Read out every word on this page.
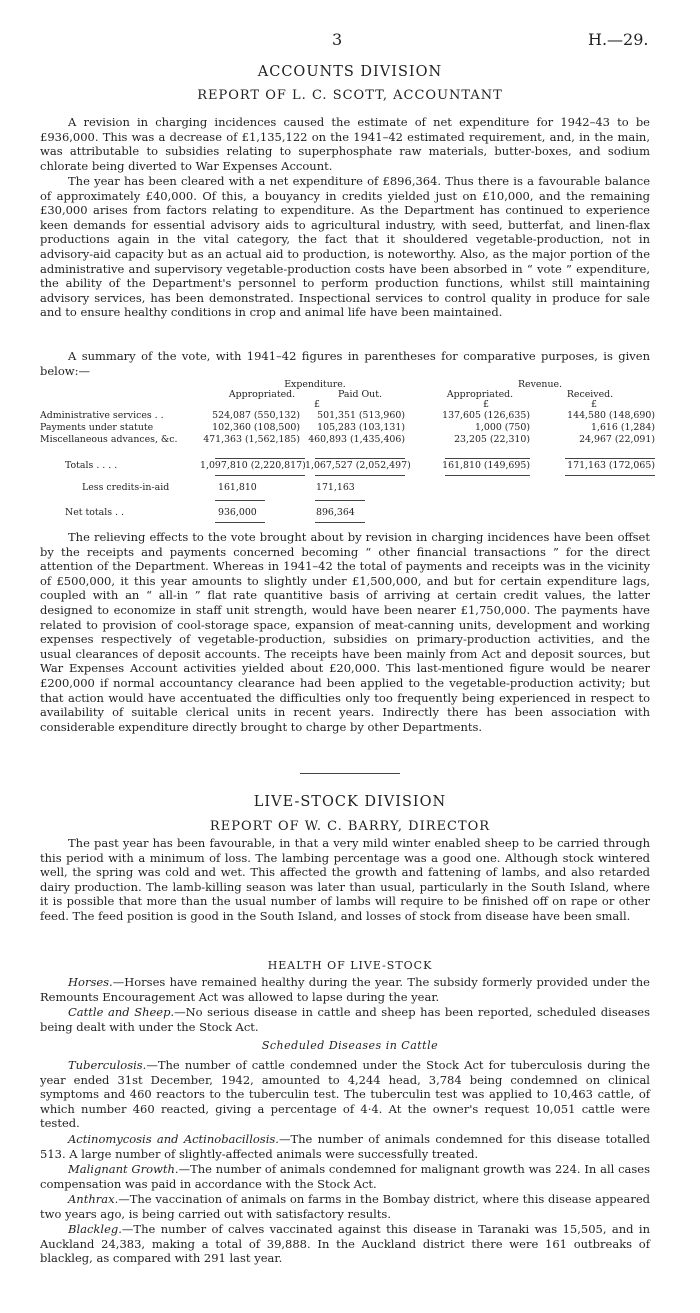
3	H.—29.
ACCOUNTS DIVISION
REPORT OF L. C. SCOTT, ACCOUNTANT

A revision in charging incidences caused the estimate of net expenditure for 1942–43 to be £936,000. This was a decrease of £1,135,122 on the 1941–42 estimated requirement, and, in the main, was attributable to subsidies relating to superphosphate raw materials, butter-boxes, and sodium chlorate being diverted to War Expenses Account.

The year has been cleared with a net expenditure of £896,364. Thus there is a favourable balance of approximately £40,000. Of this, a bouyancy in credits yielded just on £10,000, and the remaining £30,000 arises from factors relating to expenditure. As the Department has continued to experience keen demands for essential advisory aids to agricultural industry, with seed, butterfat, and linen-flax productions again in the vital category, the fact that it shouldered vegetable-production, not in advisory-aid capacity but as an actual aid to production, is noteworthy. Also, as the major portion of the administrative and supervisory vegetable-production costs have been absorbed in “ vote ” expenditure, the ability of the Department's personnel to perform production functions, whilst still maintaining advisory services, has been demonstrated. Inspectional services to control quality in produce for sale and to ensure healthy conditions in crop and animal life have been maintained.

A summary of the vote, with 1941–42 figures in parentheses for comparative purposes, is given below:—

Expenditure.	Revenue.
Appropriated.	Paid Out.	Appropriated.	Received.
£	£	£
Administrative services . .	524,087 (550,132)	501,351 (513,960)	137,605 (126,635)	144,580 (148,690)
Payments under statute	102,360 (108,500)	105,283 (103,131)	1,000 (750)	1,616 (1,284)
Miscellaneous advances, &c.	471,363 (1,562,185) 460,893 (1,435,406)	23,205 (22,310)	24,967 (22,091)
Totals . . . .	1,097,810 (2,220,817) 1,067,527 (2,052,497)	161,810 (149,695)	171,163 (172,065)
Less credits-in-aid	161,810	171,163
Net totals . .	936,000	896,364

The relieving effects to the vote brought about by revision in charging incidences have been offset by the receipts and payments concerned becoming “ other financial transactions ” for the direct attention of the Department. Whereas in 1941–42 the total of payments and receipts was in the vicinity of £500,000, it this year amounts to slightly under £1,500,000, and but for certain expenditure lags, coupled with an “ all-in ” flat rate quantitive basis of arriving at certain credit values, the latter designed to economize in staff unit strength, would have been nearer £1,750,000. The payments have related to provision of cool-storage space, expansion of meat-canning units, development and working expenses respectively of vegetable-production, subsidies on primary-production activities, and the usual clearances of deposit accounts. The receipts have been mainly from Act and deposit sources, but War Expenses Account activities yielded about £20,000. This last-mentioned figure would be nearer £200,000 if normal accountancy clearance had been applied to the vegetable-production activity; but that action would have accentuated the difficulties only too frequently being experienced in respect to availability of suitable clerical units in recent years. Indirectly there has been association with considerable expenditure directly brought to charge by other Departments.

LIVE-STOCK DIVISION
REPORT OF W. C. BARRY, DIRECTOR

The past year has been favourable, in that a very mild winter enabled sheep to be carried through this period with a minimum of loss. The lambing percentage was a good one. Although stock wintered well, the spring was cold and wet. This affected the growth and fattening of lambs, and also retarded dairy production. The lamb-killing season was later than usual, particularly in the South Island, where it is possible that more than the usual number of lambs will require to be finished off on rape or other feed. The feed position is good in the South Island, and losses of stock from disease have been small.

HEALTH OF LIVE-STOCK

Horses.—Horses have remained healthy during the year. The subsidy formerly provided under the Remounts Encouragement Act was allowed to lapse during the year.

Cattle and Sheep.—No serious disease in cattle and sheep has been reported, scheduled diseases being dealt with under the Stock Act.

Scheduled Diseases in Cattle

Tuberculosis.—The number of cattle condemned under the Stock Act for tuberculosis during the year ended 31st December, 1942, amounted to 4,244 head, 3,784 being condemned on clinical symptoms and 460 reactors to the tuberculin test. The tuberculin test was applied to 10,463 cattle, of which number 460 reacted, giving a percentage of 4·4. At the owner's request 10,051 cattle were tested.

Actinomycosis and Actinobacillosis.—The number of animals condemned for this disease totalled 513. A large number of slightly-affected animals were successfully treated.

Malignant Growth.—The number of animals condemned for malignant growth was 224. In all cases compensation was paid in accordance with the Stock Act.

Anthrax.—The vaccination of animals on farms in the Bombay district, where this disease appeared two years ago, is being carried out with satisfactory results.

Blackleg.—The number of calves vaccinated against this disease in Taranaki was 15,505, and in Auckland 24,383, making a total of 39,888. In the Auckland district there were 161 outbreaks of blackleg, as compared with 291 last year.
